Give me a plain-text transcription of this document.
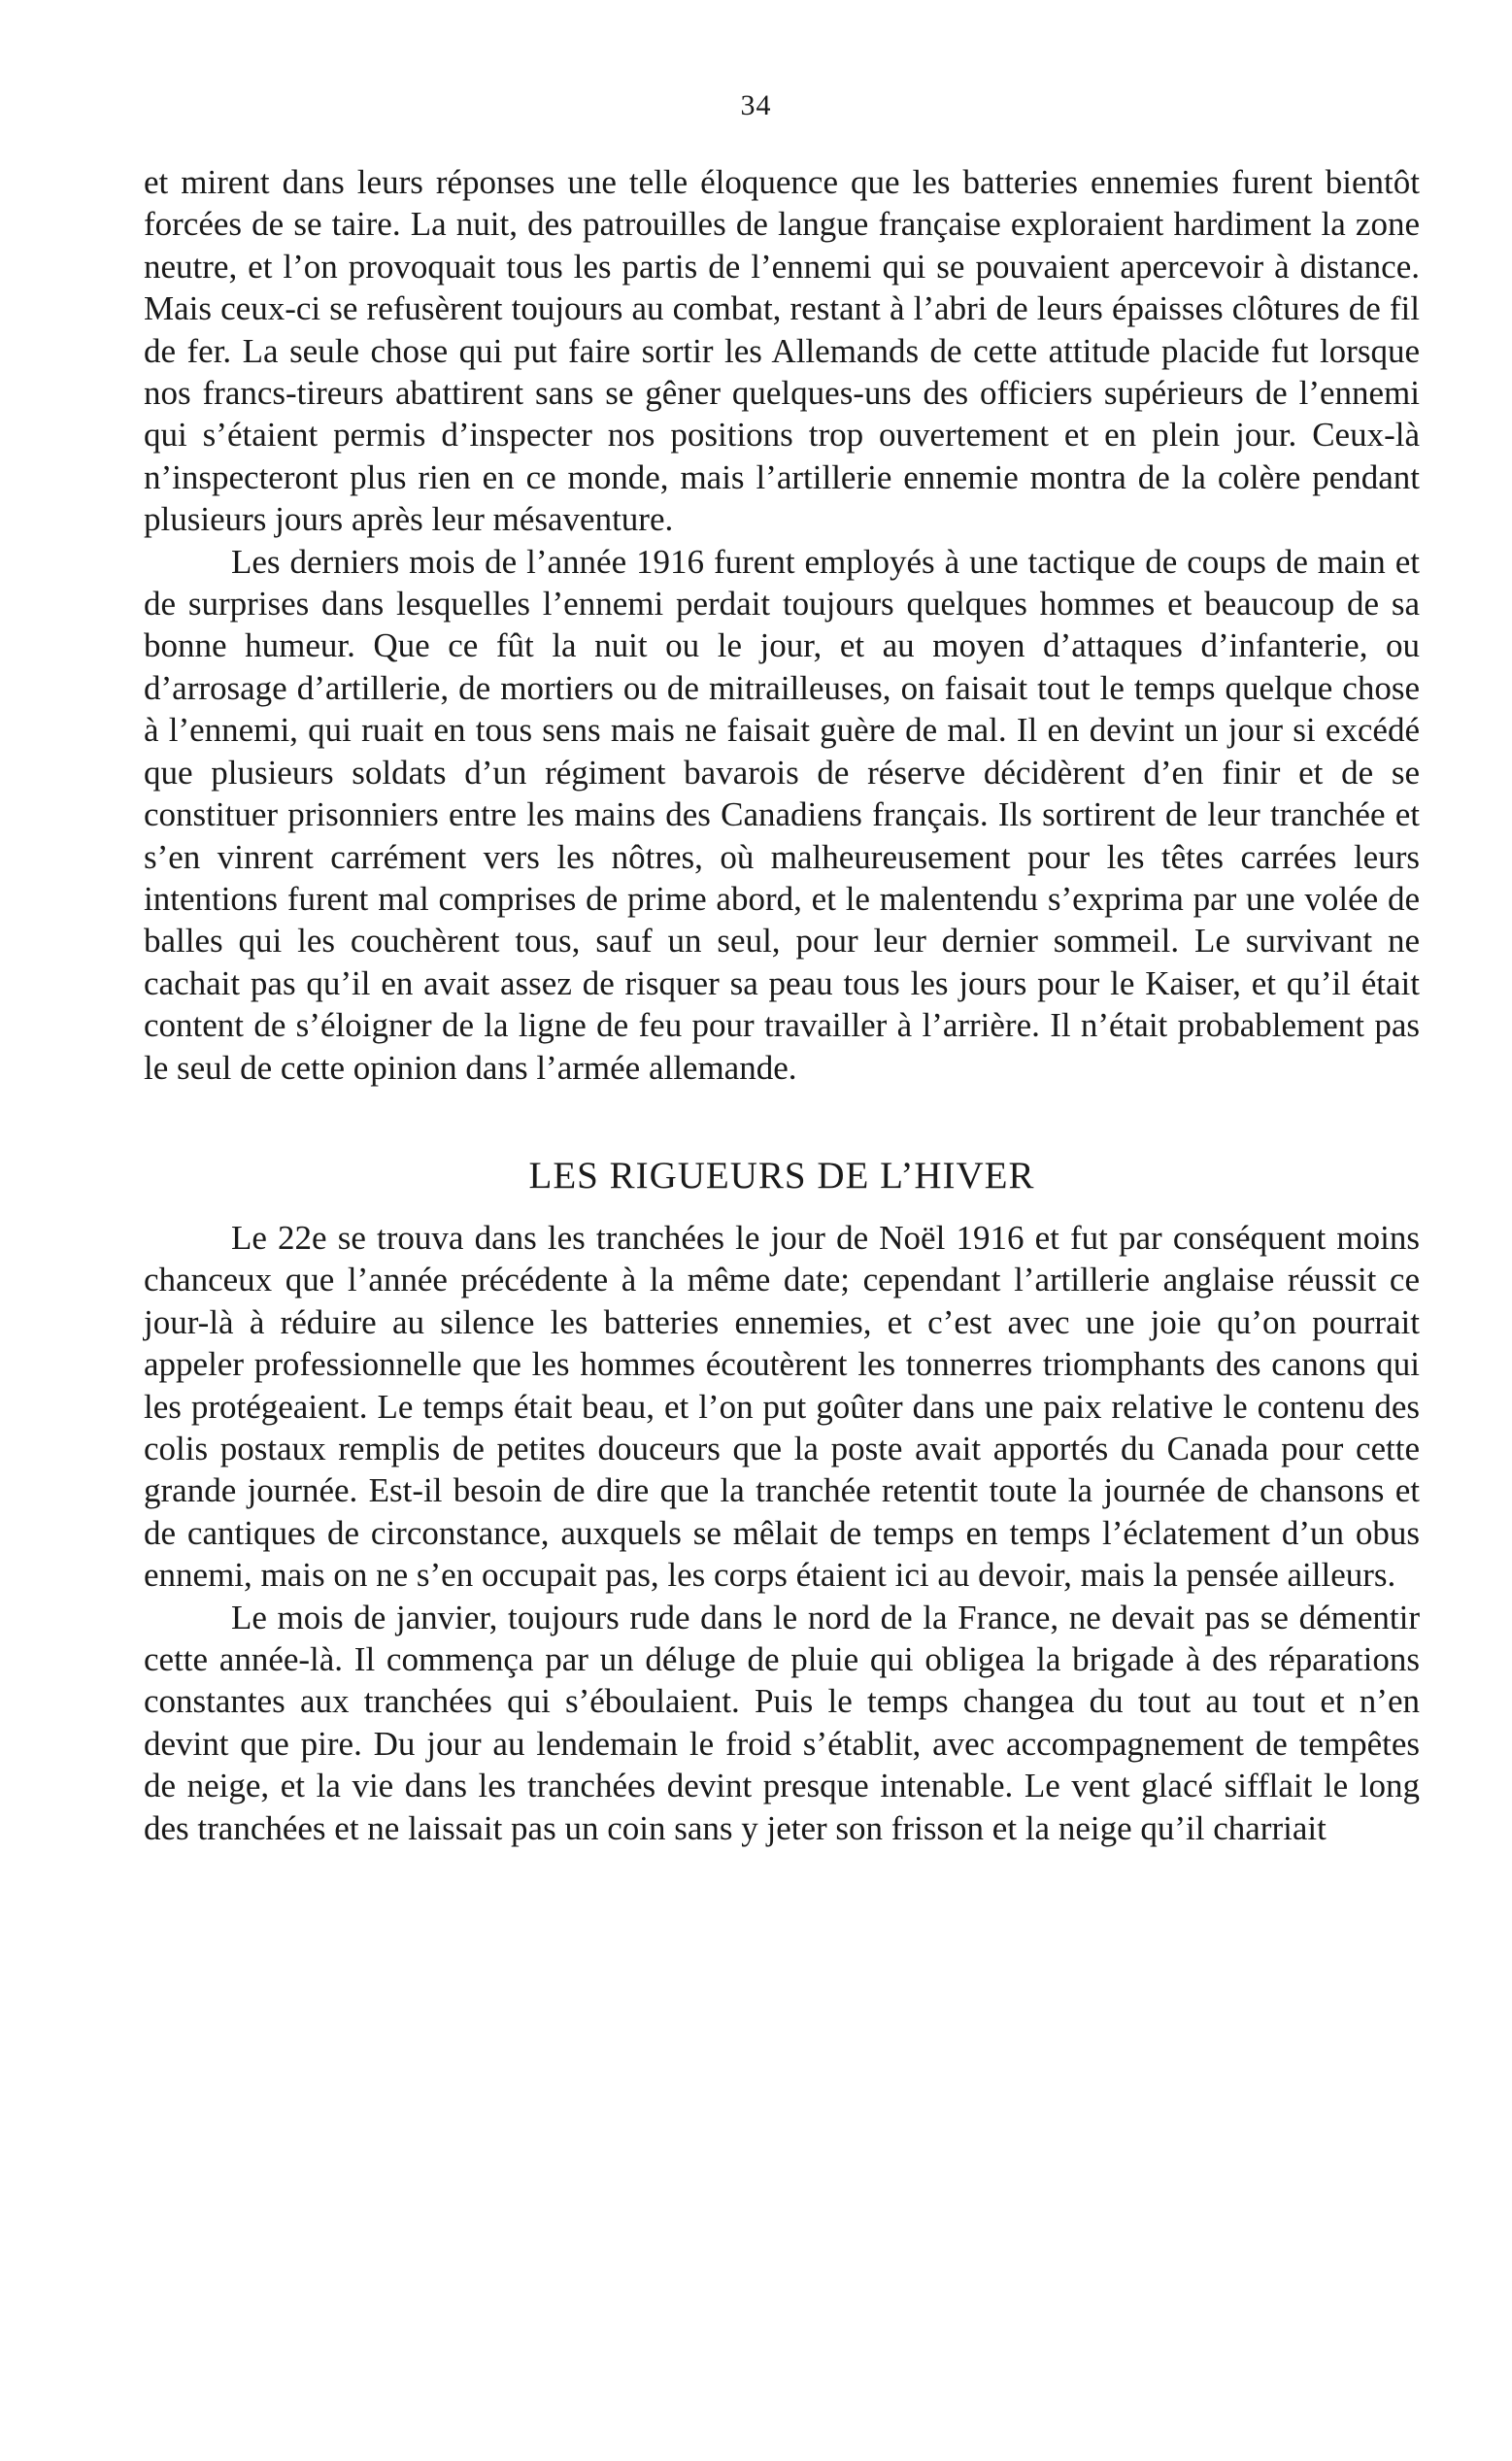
34

et mirent dans leurs réponses une telle éloquence que les batteries ennemies furent bientôt forcées de se taire. La nuit, des patrouilles de langue française exploraient hardiment la zone neutre, et l’on provoquait tous les partis de l’ennemi qui se pouvaient apercevoir à distance. Mais ceux-ci se refusèrent toujours au combat, restant à l’abri de leurs épaisses clôtures de fil de fer. La seule chose qui put faire sortir les Allemands de cette attitude placide fut lorsque nos francs-tireurs abattirent sans se gêner quelques-uns des officiers supérieurs de l’ennemi qui s’étaient permis d’inspecter nos positions trop ouvertement et en plein jour. Ceux-là n’inspecteront plus rien en ce monde, mais l’artillerie ennemie montra de la colère pendant plusieurs jours après leur mésaventure.

Les derniers mois de l’année 1916 furent employés à une tactique de coups de main et de surprises dans lesquelles l’ennemi perdait toujours quelques hommes et beaucoup de sa bonne humeur. Que ce fût la nuit ou le jour, et au moyen d’attaques d’infanterie, ou d’arrosage d’artillerie, de mortiers ou de mitrailleuses, on faisait tout le temps quelque chose à l’ennemi, qui ruait en tous sens mais ne faisait guère de mal. Il en devint un jour si excédé que plusieurs soldats d’un régiment bavarois de réserve décidèrent d’en finir et de se constituer prisonniers entre les mains des Canadiens français. Ils sortirent de leur tranchée et s’en vinrent carrément vers les nôtres, où malheureusement pour les têtes carrées leurs intentions furent mal comprises de prime abord, et le malentendu s’exprima par une volée de balles qui les couchèrent tous, sauf un seul, pour leur dernier sommeil. Le survivant ne cachait pas qu’il en avait assez de risquer sa peau tous les jours pour le Kaiser, et qu’il était content de s’éloigner de la ligne de feu pour travailler à l’arrière. Il n’était probablement pas le seul de cette opinion dans l’armée allemande.

LES RIGUEURS DE L’HIVER

Le 22e se trouva dans les tranchées le jour de Noël 1916 et fut par conséquent moins chanceux que l’année précédente à la même date; cependant l’artillerie anglaise réussit ce jour-là à réduire au silence les batteries ennemies, et c’est avec une joie qu’on pourrait appeler professionnelle que les hommes écoutèrent les tonnerres triomphants des canons qui les protégeaient. Le temps était beau, et l’on put goûter dans une paix relative le contenu des colis postaux remplis de petites douceurs que la poste avait apportés du Canada pour cette grande journée. Est-il besoin de dire que la tranchée retentit toute la journée de chansons et de cantiques de circonstance, auxquels se mêlait de temps en temps l’éclatement d’un obus ennemi, mais on ne s’en occupait pas, les corps étaient ici au devoir, mais la pensée ailleurs.

Le mois de janvier, toujours rude dans le nord de la France, ne devait pas se démentir cette année-là. Il commença par un déluge de pluie qui obligea la brigade à des réparations constantes aux tranchées qui s’éboulaient. Puis le temps changea du tout au tout et n’en devint que pire. Du jour au lendemain le froid s’établit, avec accompagnement de tempêtes de neige, et la vie dans les tranchées devint presque intenable. Le vent glacé sifflait le long des tranchées et ne laissait pas un coin sans y jeter son frisson et la neige qu’il charriait
